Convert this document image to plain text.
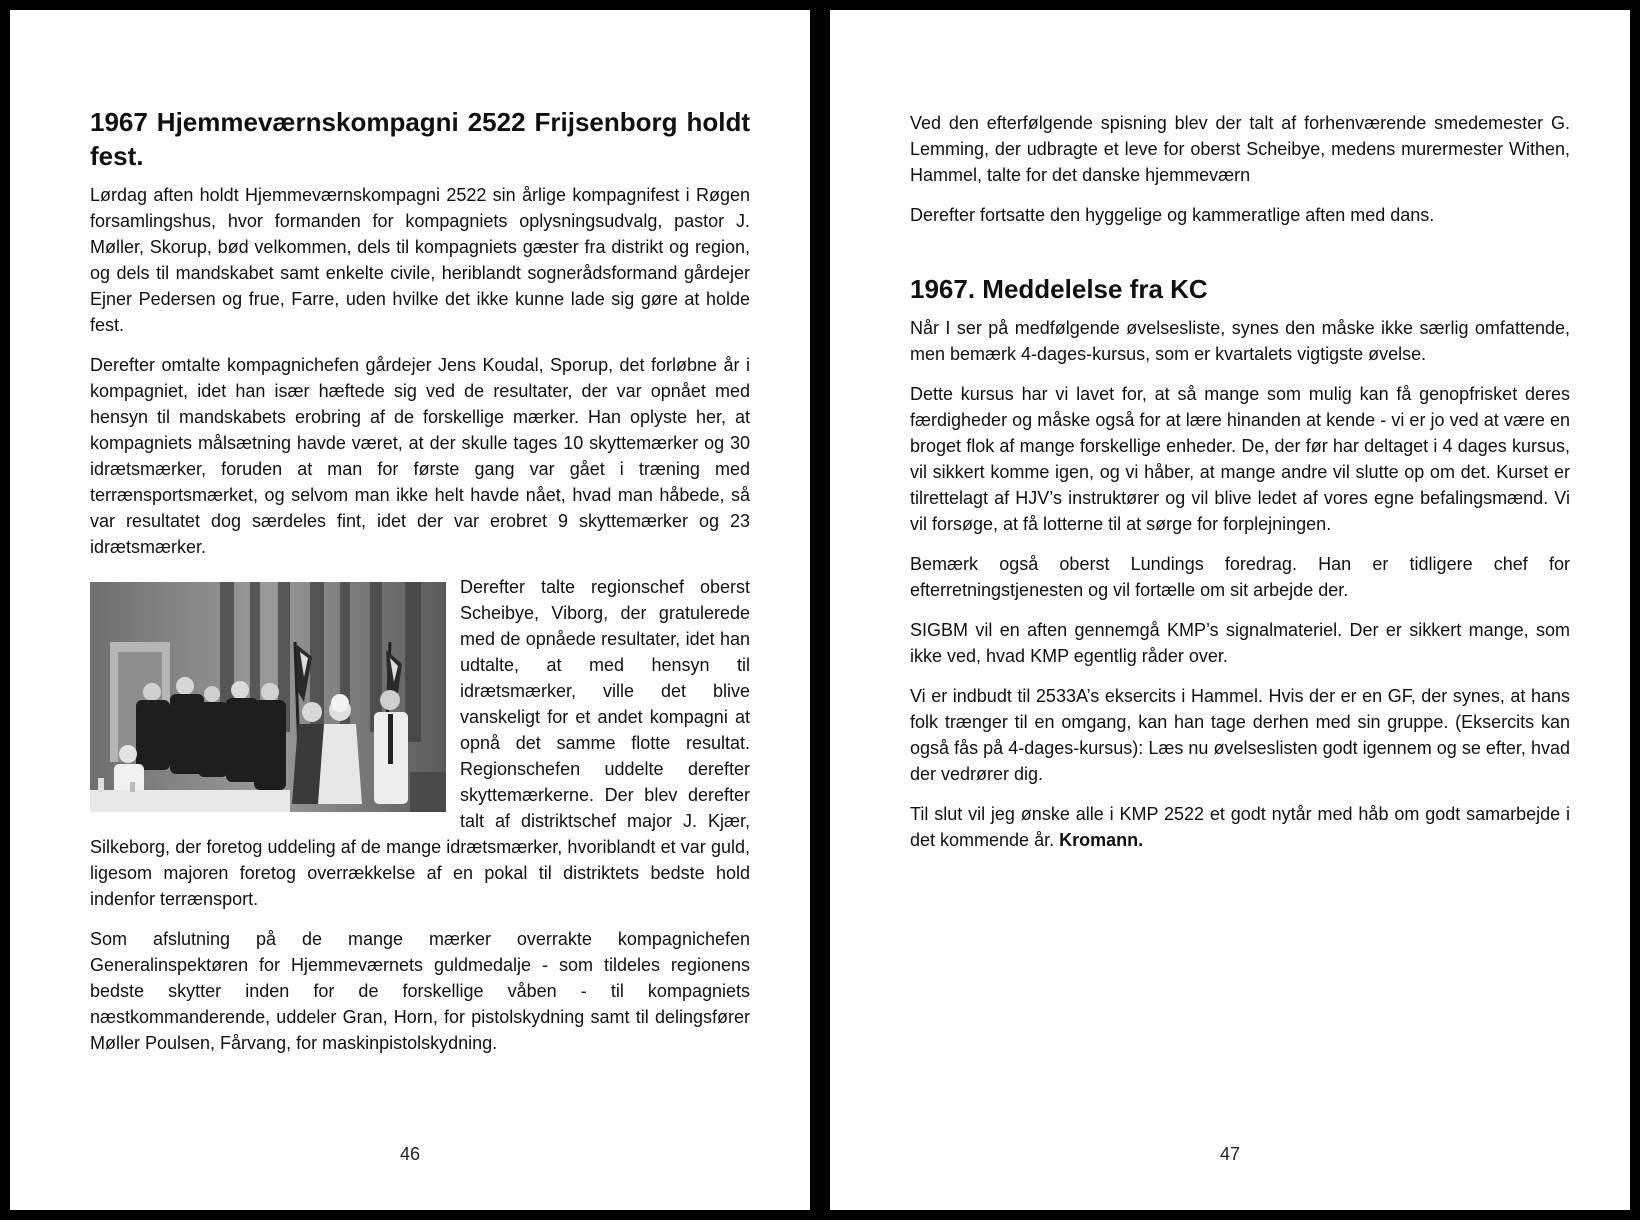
1967 Hjemmeværnskompagni 2522 Frijsenborg holdt fest.

Lørdag aften holdt Hjemmeværnskompagni 2522 sin årlige kompagnifest i Røgen forsamlingshus, hvor formanden for kompagniets oplysningsudvalg, pastor J. Møller, Skorup, bød velkommen, dels til kompagniets gæster fra distrikt og region, og dels til mandskabet samt enkelte civile, heriblandt sognerådsformand gårdejer Ejner Pedersen og frue, Farre, uden hvilke det ikke kunne lade sig gøre at holde fest.

Derefter omtalte kompagnichefen gårdejer Jens Koudal, Sporup, det forløbne år i kompagniet, idet han især hæftede sig ved de resultater, der var opnået med hensyn til mandskabets erobring af de forskellige mærker. Han oplyste her, at kompagniets målsætning havde været, at der skulle tages 10 skyttemærker og 30 idrætsmærker, foruden at man for første gang var gået i træning med terrænsportsmærket, og selvom man ikke helt havde nået, hvad man håbede, så var resultatet dog særdeles fint, idet der var erobret 9 skyttemærker og 23 idrætsmærker.

Derefter talte regionschef oberst Scheibye, Viborg, der gratulerede med de opnåede resultater, idet han udtalte, at med hensyn til idrætsmærker, ville det blive vanskeligt for et andet kompagni at opnå det samme flotte resultat. Regionschefen uddelte derefter skyttemærkerne. Der blev derefter talt af distriktschef major J. Kjær, Silkeborg, der foretog uddeling af de mange idrætsmærker, hvoriblandt et var guld, ligesom majoren foretog overrækkelse af en pokal til distriktets bedste hold indenfor terrænsport.

Som afslutning på de mange mærker overrakte kompagnichefen Generalinspektøren for Hjemmeværnets guldmedalje - som tildeles regionens bedste skytter inden for de forskellige våben - til kompagniets næstkommanderende, uddeler Gran, Horn, for pistolskydning samt til delingsfører Møller Poulsen, Fårvang, for maskinpistolskydning.

46

Ved den efterfølgende spisning blev der talt af forhenværende smedemester G. Lemming, der udbragte et leve for oberst Scheibye, medens murermester Withen, Hammel, talte for det danske hjemmeværn

Derefter fortsatte den hyggelige og kammeratlige aften med dans.

1967. Meddelelse fra KC

Når I ser på medfølgende øvelsesliste, synes den måske ikke særlig omfattende, men bemærk 4-dages-kursus, som er kvartalets vigtigste øvelse.

Dette kursus har vi lavet for, at så mange som mulig kan få genopfrisket deres færdigheder og måske også for at lære hinanden at kende - vi er jo ved at være en broget flok af mange forskellige enheder. De, der før har deltaget i 4 dages kursus, vil sikkert komme igen, og vi håber, at mange andre vil slutte op om det. Kurset er tilrettelagt af HJV’s instruktører og vil blive ledet af vores egne befalingsmænd. Vi vil forsøge, at få lotterne til at sørge for forplejningen.

Bemærk også oberst Lundings foredrag. Han er tidligere chef for efterretningstjenesten og vil fortælle om sit arbejde der.

SIGBM vil en aften gennemgå KMP’s signalmateriel. Der er sikkert mange, som ikke ved, hvad KMP egentlig råder over.

Vi er indbudt til 2533A’s eksercits i Hammel. Hvis der er en GF, der synes, at hans folk trænger til en omgang, kan han tage derhen med sin gruppe. (Eksercits kan også fås på 4-dages-kursus): Læs nu øvelseslisten godt igennem og se efter, hvad der vedrører dig.

Til slut vil jeg ønske alle i KMP 2522 et godt nytår med håb om godt samarbejde i det kommende år. Kromann.

47
